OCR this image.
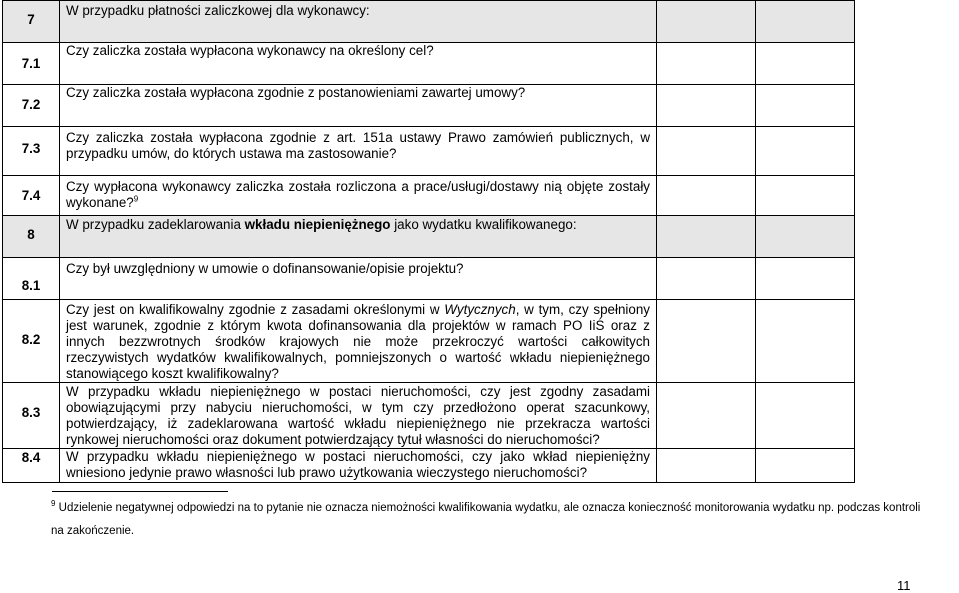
7	W przypadku płatności zaliczkowej dla wykonawcy:		

7.1	Czy zaliczka została wypłacona wykonawcy na określony cel?		

7.2	Czy zaliczka została wypłacona zgodnie z postanowieniami zawartej umowy?		

7.3	Czy zaliczka została wypłacona zgodnie z art. 151a ustawy Prawo zamówień publicznych, w przypadku umów, do których ustawa ma zastosowanie?		

7.4	Czy wypłacona wykonawcy zaliczka została rozliczona a prace/usługi/dostawy nią objęte zostały wykonane?$^9$

8	W przypadku zadeklarowania wkładu niepieniężnego jako wydatku kwalifikowanego:		

8.1	Czy był uwzględniony w umowie o dofinansowanie/opisie projektu?		

8.2	Czy jest on kwalifikowalny zgodnie z zasadami określonymi w Wytycznych, w tym, czy spełniony jest warunek, zgodnie z którym kwota dofinansowania dla projektów w ramach PO IiŚ oraz z innych bezzwrotnych środków krajowych nie może przekroczyć wartości całkowitych rzeczywistych wydatków kwalifikowalnych, pomniejszonych o wartość wkładu niepieniężnego stanowiącego koszt kwalifikowalny?		

8.3	W przypadku wkładu niepieniężnego w postaci nieruchomości, czy jest zgodny zasadami obowiązującymi przy nabyciu nieruchomości, w tym czy przedłożono operat szacunkowy, potwierdzający, iż zadeklarowana wartość wkładu niepieniężnego nie przekracza wartości rynkowej nieruchomości oraz dokument potwierdzający tytuł własności do nieruchomości?		

8.4	W przypadku wkładu niepieniężnego w postaci nieruchomości, czy jako wkład niepieniężny wniesiono jedynie prawo własności lub prawo użytkowania wieczystego nieruchomości?		

$^9$ Udzielenie negatywnej odpowiedzi na to pytanie nie oznacza niemożności kwalifikowania wydatku, ale oznacza konieczność monitorowania wydatku np. podczas kontroli na zakończenie.
11
